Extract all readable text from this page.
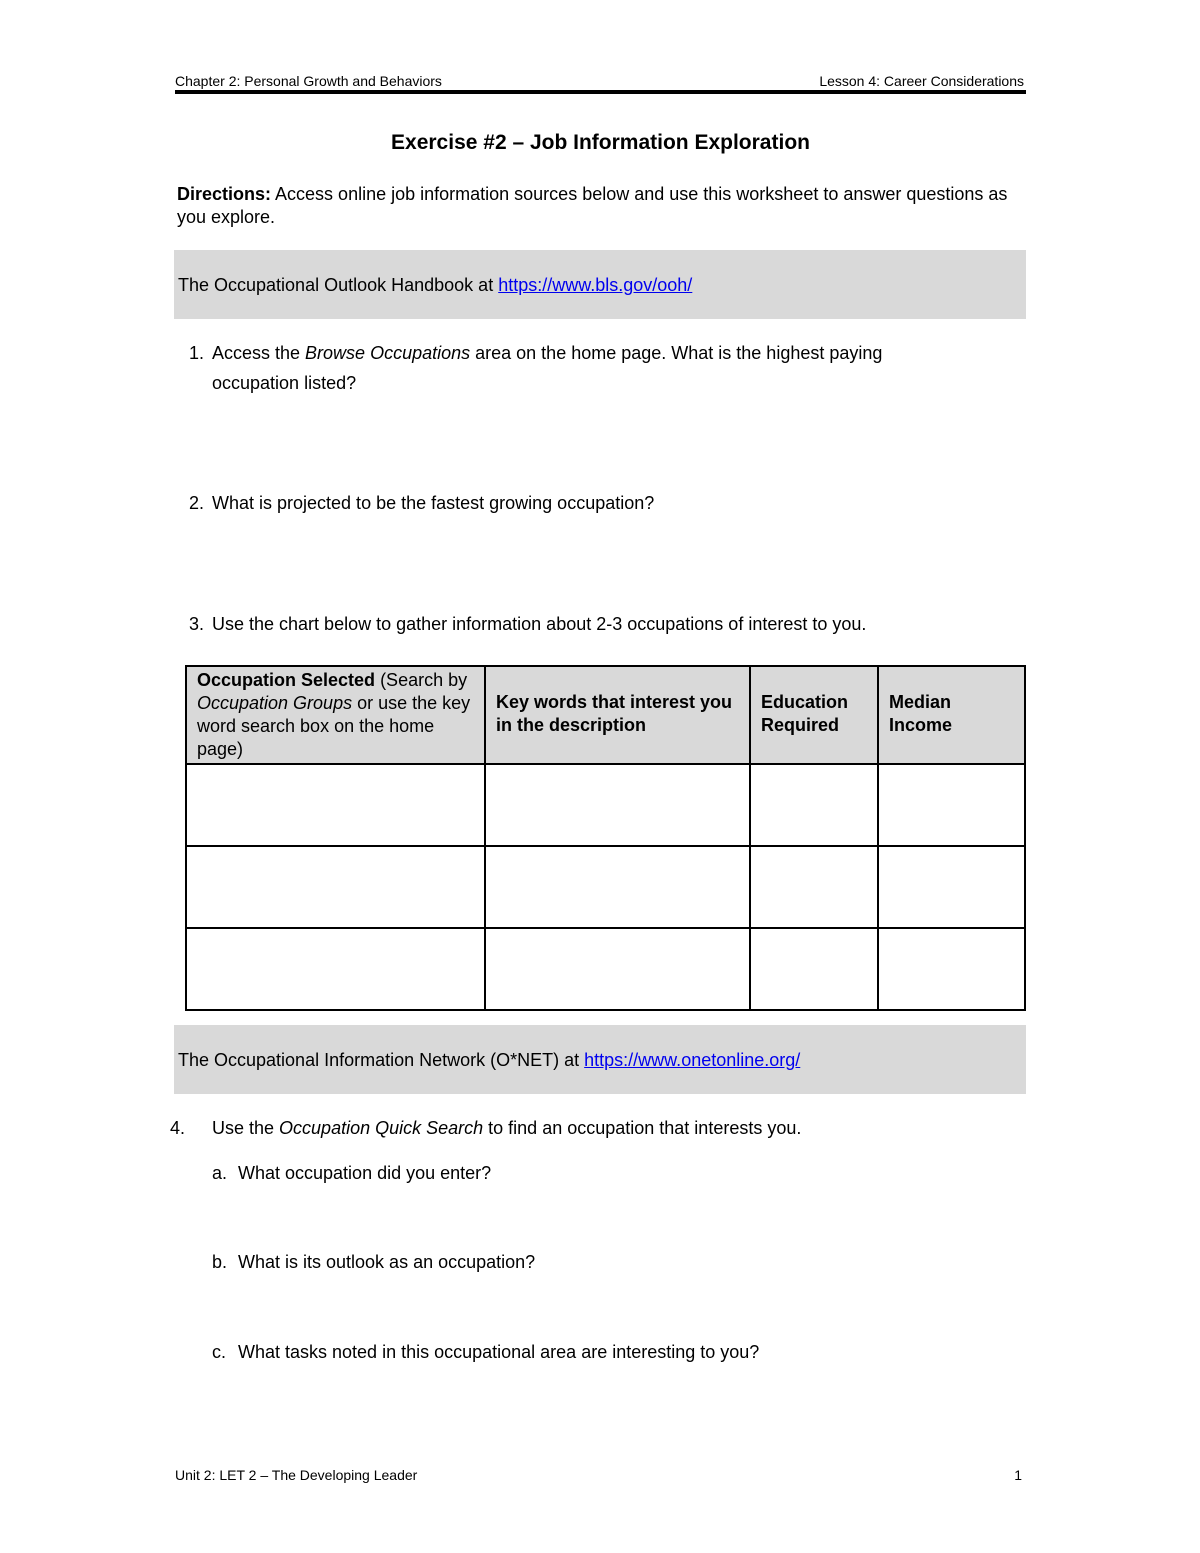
Chapter 2: Personal Growth and Behaviors	Lesson 4: Career Considerations
Exercise #2 – Job Information Exploration
Directions: Access online job information sources below and use this worksheet to answer questions as you explore.
The Occupational Outlook Handbook at https://www.bls.gov/ooh/
1. Access the Browse Occupations area on the home page. What is the highest paying occupation listed?
2. What is projected to be the fastest growing occupation?
3. Use the chart below to gather information about 2-3 occupations of interest to you.
Occupation Selected (Search by Occupation Groups or use the key word search box on the home page)	Key words that interest you in the description	Education Required	Median Income

The Occupational Information Network (O*NET) at https://www.onetonline.org/
4.	Use the Occupation Quick Search to find an occupation that interests you.
a. What occupation did you enter?
b. What is its outlook as an occupation?
c. What tasks noted in this occupational area are interesting to you?
Unit 2: LET 2 – The Developing Leader	1
